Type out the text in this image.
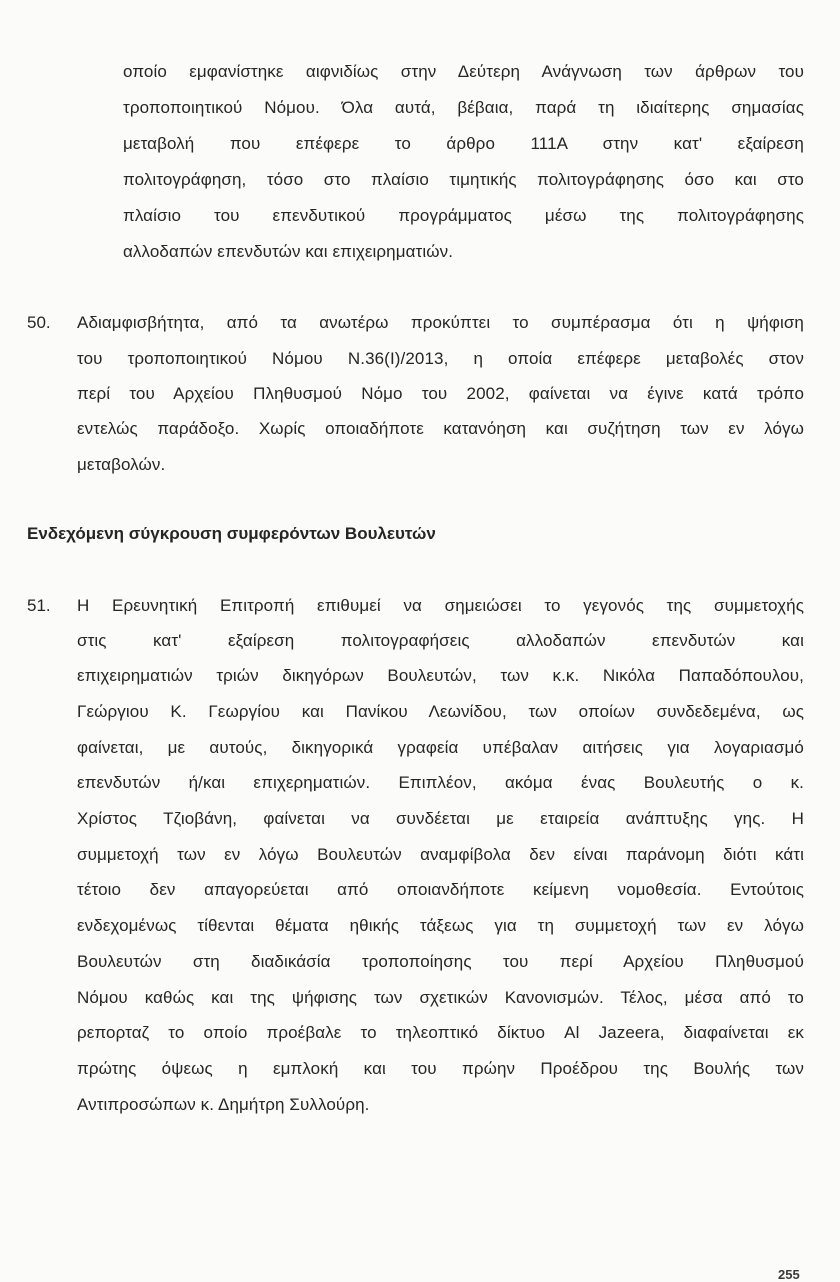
οποίο εμφανίστηκε αιφνιδίως στην Δεύτερη Ανάγνωση των άρθρων του
τροποποιητικού Νόμου. Όλα αυτά, βέβαια, παρά τη ιδιαίτερης σημασίας
μεταβολή που επέφερε το άρθρο 111Α στην κατ' εξαίρεση
πολιτογράφηση, τόσο στο πλαίσιο τιμητικής πολιτογράφησης όσο και στο
πλαίσιο του επενδυτικού προγράμματος μέσω της πολιτογράφησης
αλλοδαπών επενδυτών και επιχειρηματιών.
50. Αδιαμφισβήτητα, από τα ανωτέρω προκύπτει το συμπέρασμα ότι η ψήφιση
του τροποποιητικού Νόμου Ν.36(Ι)/2013, η οποία επέφερε μεταβολές στον
περί του Αρχείου Πληθυσμού Νόμο του 2002, φαίνεται να έγινε κατά τρόπο
εντελώς παράδοξο. Χωρίς οποιαδήποτε κατανόηση και συζήτηση των εν λόγω
μεταβολών.
Ενδεχόμενη σύγκρουση συμφερόντων Βουλευτών
51. Η Ερευνητική Επιτροπή επιθυμεί να σημειώσει το γεγονός της συμμετοχής
στις κατ' εξαίρεση πολιτογραφήσεις αλλοδαπών επενδυτών και
επιχειρηματιών τριών δικηγόρων Βουλευτών, των κ.κ. Νικόλα Παπαδόπουλου,
Γεώργιου Κ. Γεωργίου και Πανίκου Λεωνίδου, των οποίων συνδεδεμένα, ως
φαίνεται, με αυτούς, δικηγορικά γραφεία υπέβαλαν αιτήσεις για λογαριασμό
επενδυτών ή/και επιχερηματιών. Επιπλέον, ακόμα ένας Βουλευτής ο κ.
Χρίστος Τζιοβάνη, φαίνεται να συνδέεται με εταιρεία ανάπτυξης γης. Η
συμμετοχή των εν λόγω Βουλευτών αναμφίβολα δεν είναι παράνομη διότι κάτι
τέτοιο δεν απαγορεύεται από οποιανδήποτε κείμενη νομοθεσία. Εντούτοις
ενδεχομένως τίθενται θέματα ηθικής τάξεως για τη συμμετοχή των εν λόγω
Βουλευτών στη διαδικάσία τροποποίησης του περί Αρχείου Πληθυσμού
Νόμου καθώς και της ψήφισης των σχετικών Κανονισμών. Τέλος, μέσα από το
ρεπορταζ το οποίο προέβαλε το τηλεοπτικό δίκτυο Al Jazeera, διαφαίνεται εκ
πρώτης όψεως η εμπλοκή και του πρώην Προέδρου της Βουλής των
Αντιπροσώπων κ. Δημήτρη Συλλούρη.
255
